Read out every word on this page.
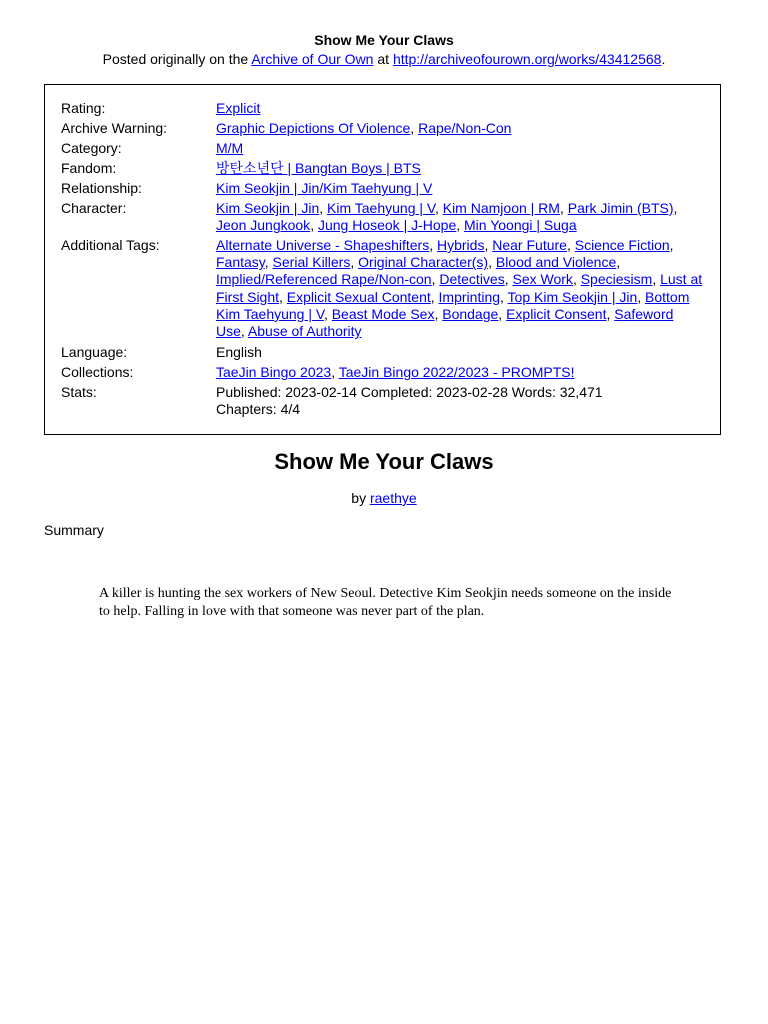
Show Me Your Claws
Posted originally on the Archive of Our Own at http://archiveofourown.org/works/43412568.
Rating:	Explicit
Archive Warning:	Graphic Depictions Of Violence, Rape/Non-Con
Category:	M/M
Fandom:	방탄소년단 | Bangtan Boys | BTS
Relationship:	Kim Seokjin | Jin/Kim Taehyung | V
Character:	Kim Seokjin | Jin, Kim Taehyung | V, Kim Namjoon | RM, Park Jimin (BTS), Jeon Jungkook, Jung Hoseok | J-Hope, Min Yoongi | Suga
Additional Tags:	Alternate Universe - Shapeshifters, Hybrids, Near Future, Science Fiction, Fantasy, Serial Killers, Original Character(s), Blood and Violence, Implied/Referenced Rape/Non-con, Detectives, Sex Work, Speciesism, Lust at First Sight, Explicit Sexual Content, Imprinting, Top Kim Seokjin | Jin, Bottom Kim Taehyung | V, Beast Mode Sex, Bondage, Explicit Consent, Safeword Use, Abuse of Authority
Language:	English
Collections:	TaeJin Bingo 2023, TaeJin Bingo 2022/2023 - PROMPTS!
Stats:	Published: 2023-02-14 Completed: 2023-02-28 Words: 32,471
Chapters: 4/4
Show Me Your Claws
by raethye
Summary
A killer is hunting the sex workers of New Seoul. Detective Kim Seokjin needs someone on the inside to help. Falling in love with that someone was never part of the plan.
